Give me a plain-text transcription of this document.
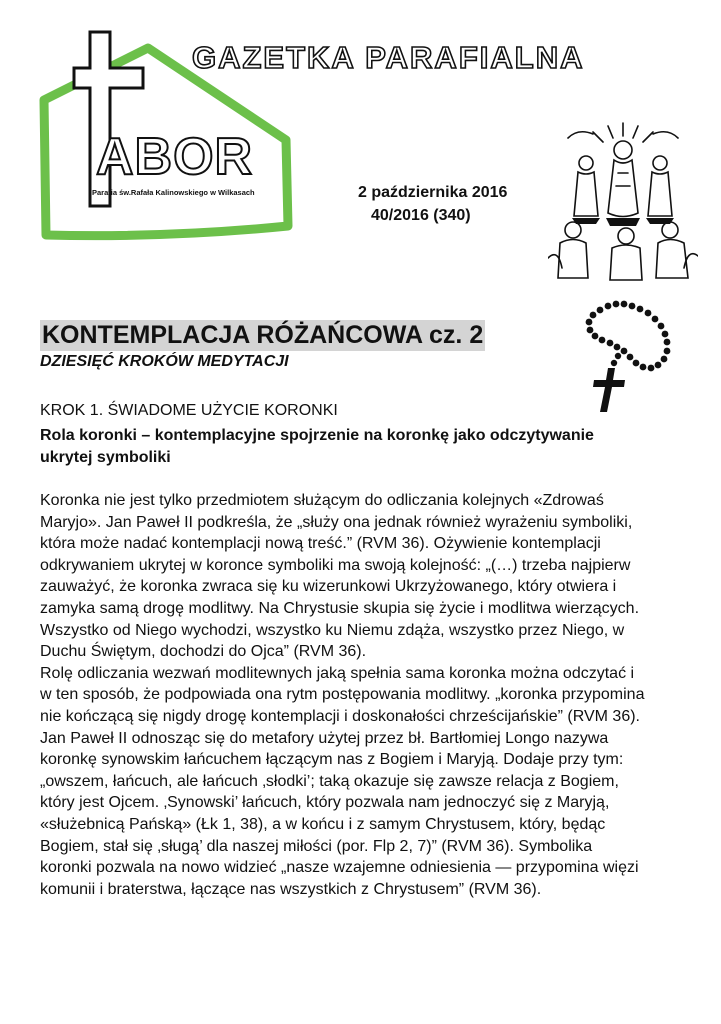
ABOR
Parafia św.Rafała Kalinowskiego w Wilkasach
GAZETKA PARAFIALNA
2 października 2016
40/2016 (340)
KONTEMPLACJA RÓŻAŃCOWA cz. 2
DZIESIĘĆ KROKÓW MEDYTACJI
KROK 1. ŚWIADOME UŻYCIE KORONKI
Rola koronki – kontemplacyjne spojrzenie na koronkę jako odczytywanie ukrytej symboliki

Koronka nie jest tylko przedmiotem służącym do odliczania kolejnych «Zdrowaś

Maryjo». Jan Paweł II podkreśla, że „służy ona jednak również wyrażeniu symboliki,

która może nadać kontemplacji nową treść.” (RVM 36). Ożywienie kontemplacji

odkrywaniem ukrytej w koronce symboliki ma swoją kolejność: „(…) trzeba najpierw

zauważyć, że koronka zwraca się ku wizerunkowi Ukrzyżowanego, który otwiera i

zamyka samą drogę modlitwy. Na Chrystusie skupia się życie i modlitwa wierzących.

Wszystko od Niego wychodzi, wszystko ku Niemu zdąża, wszystko przez Niego, w

Duchu Świętym, dochodzi do Ojca” (RVM 36).

Rolę odliczania wezwań modlitewnych jaką spełnia sama koronka można odczytać i

w ten sposób, że podpowiada ona rytm postępowania modlitwy. „koronka przypomina

nie kończącą się nigdy drogę kontemplacji i doskonałości chrześcijańskie” (RVM 36).

Jan Paweł II odnosząc się do metafory użytej przez bł. Bartłomiej Longo nazywa

koronkę synowskim łańcuchem łączącym nas z Bogiem i Maryją. Dodaje przy tym:

„owszem, łańcuch, ale łańcuch ‚słodki’; taką okazuje się zawsze relacja z Bogiem,

który jest Ojcem. ‚Synowski’ łańcuch, który pozwala nam jednoczyć się z Maryją,

«służebnicą Pańską» (Łk 1, 38), a w końcu i z samym Chrystusem, który, będąc

Bogiem, stał się ‚sługą’ dla naszej miłości (por. Flp 2, 7)” (RVM 36). Symbolika

koronki pozwala na nowo widzieć „nasze wzajemne odniesienia — przypomina więzi

komunii i braterstwa, łączące nas wszystkich z Chrystusem” (RVM 36).
